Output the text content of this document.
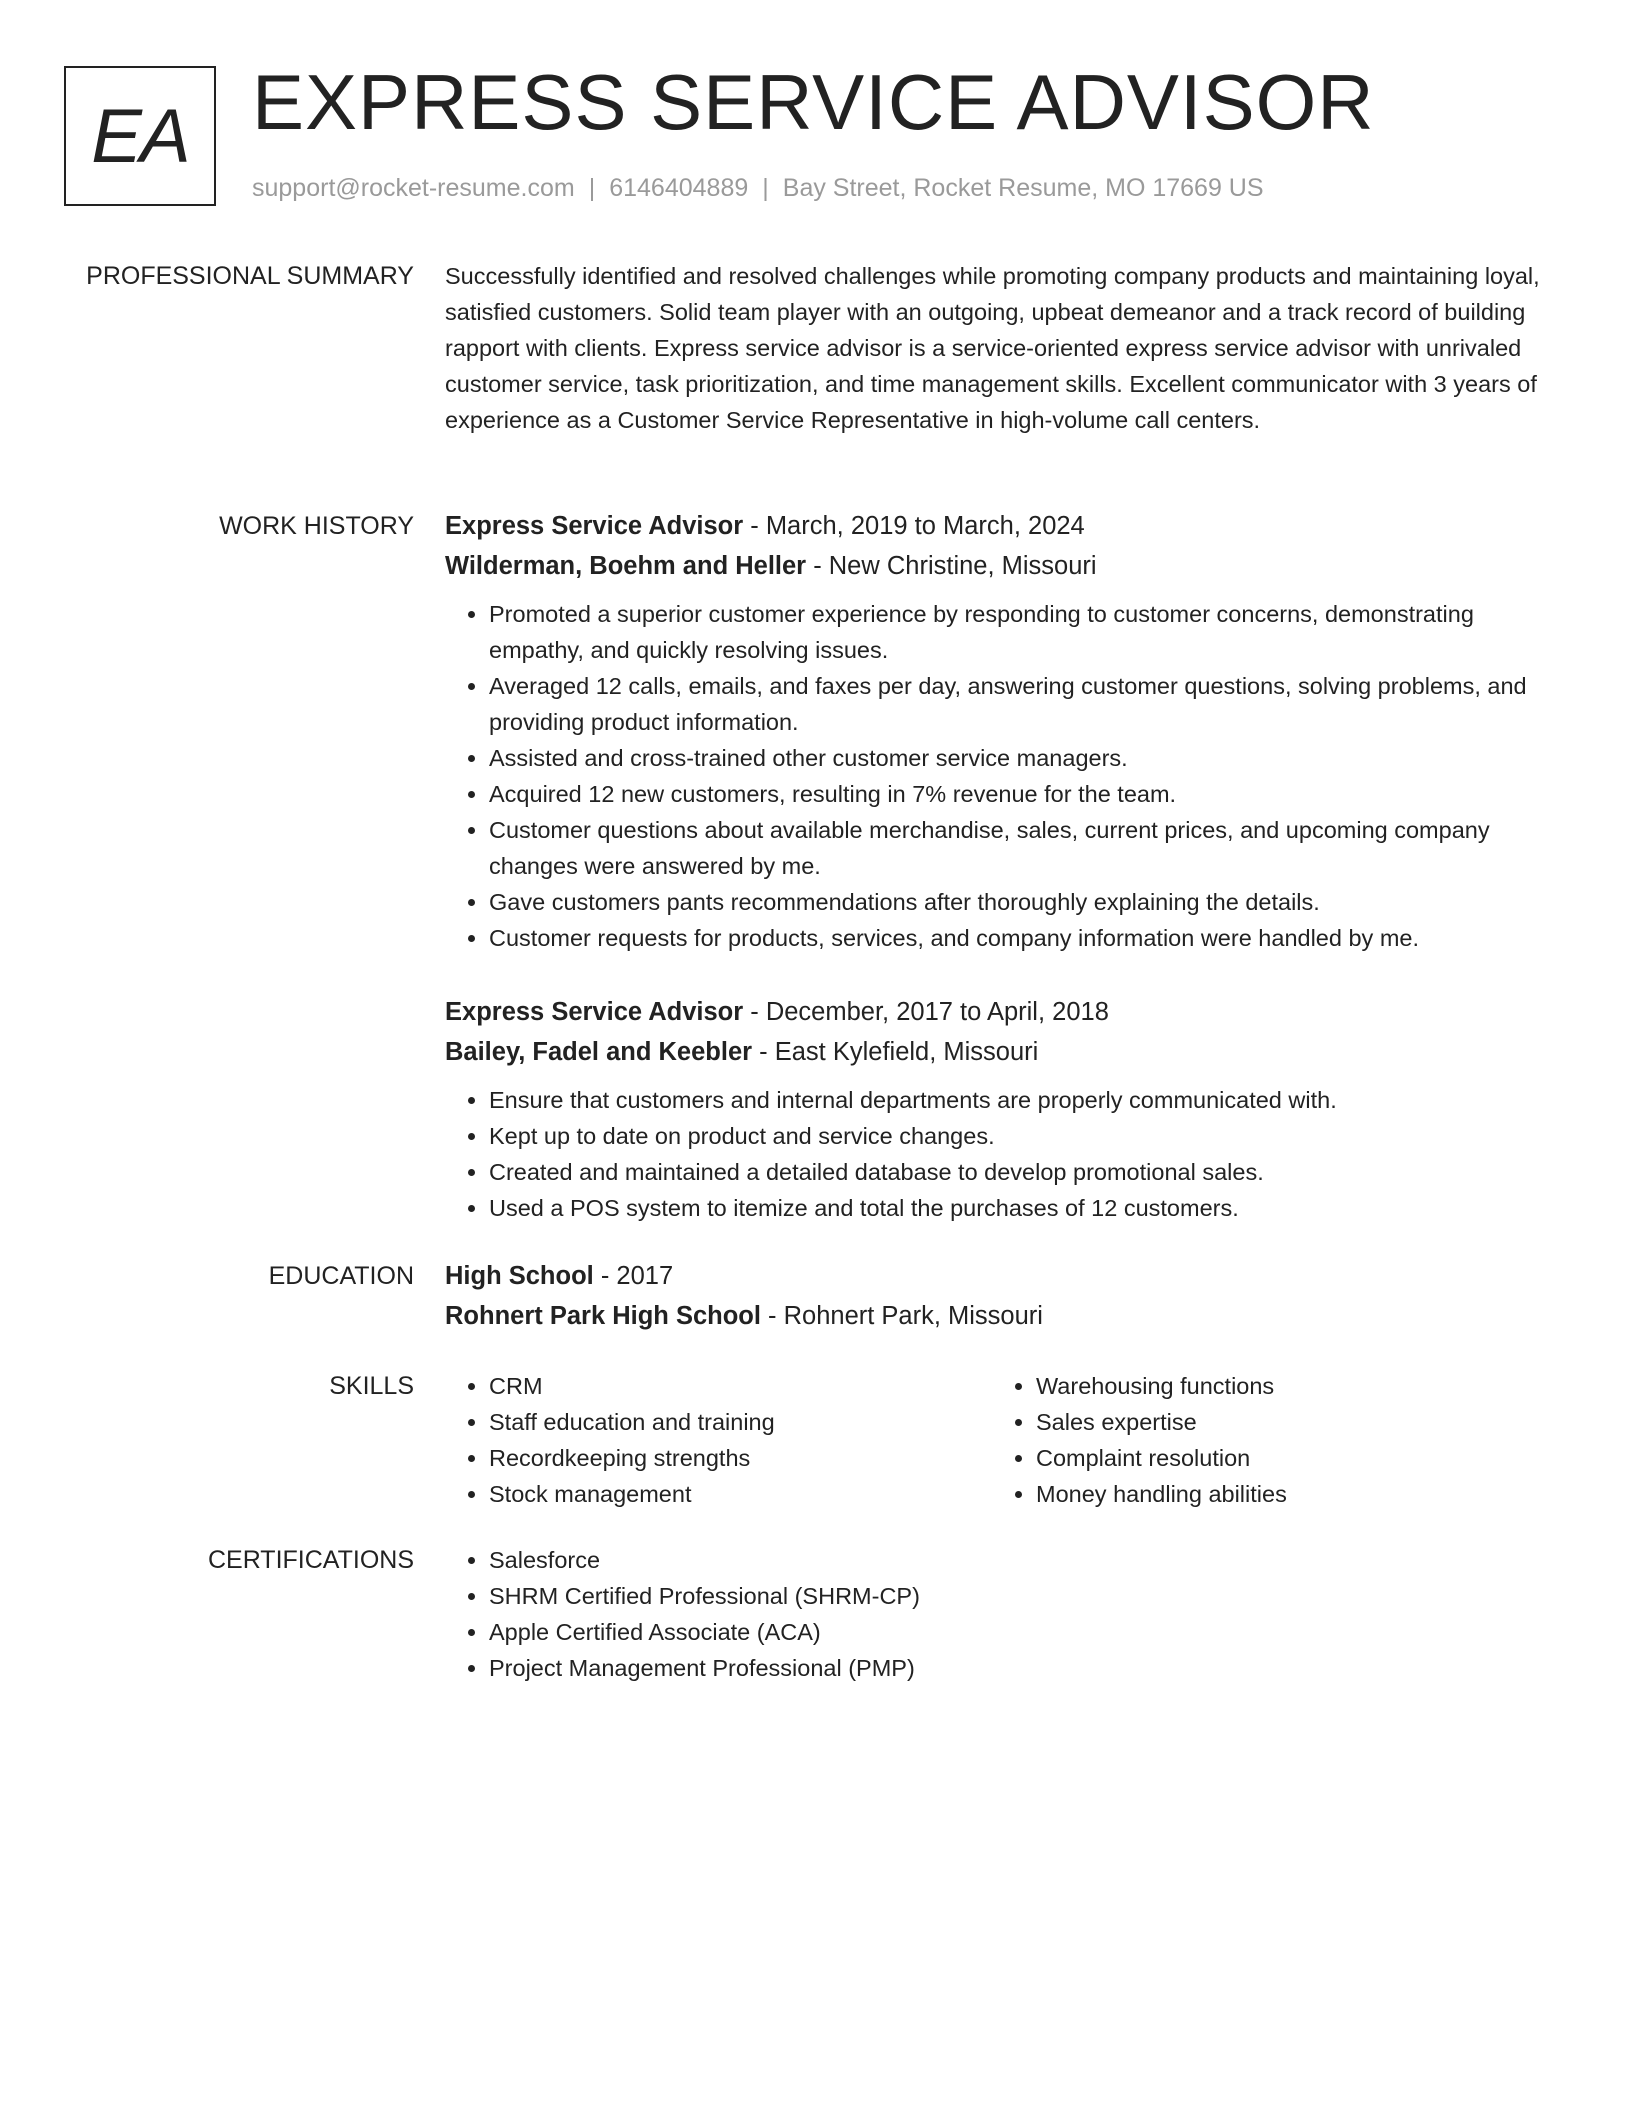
EA EXPRESS SERVICE ADVISOR
support@rocket-resume.com | 6146404889 | Bay Street, Rocket Resume, MO 17669 US
PROFESSIONAL SUMMARY Successfully identified and resolved challenges while promoting company products and maintaining loyal, satisfied customers. Solid team player with an outgoing, upbeat demeanor and a track record of building rapport with clients. Express service advisor is a service-oriented express service advisor with unrivaled customer service, task prioritization, and time management skills. Excellent communicator with 3 years of experience as a Customer Service Representative in high-volume call centers.

WORK HISTORY Express Service Advisor - March, 2019 to March, 2024

Wilderman, Boehm and Heller - New Christine, Missouri

• Promoted a superior customer experience by responding to customer concerns, demonstrating empathy, and quickly resolving issues.
• Averaged 12 calls, emails, and faxes per day, answering customer questions, solving problems, and providing product information.
• Assisted and cross-trained other customer service managers.
• Acquired 12 new customers, resulting in 7% revenue for the team.
• Customer questions about available merchandise, sales, current prices, and upcoming company changes were answered by me.
• Gave customers pants recommendations after thoroughly explaining the details.
• Customer requests for products, services, and company information were handled by me.

Express Service Advisor - December, 2017 to April, 2018

Bailey, Fadel and Keebler - East Kylefield, Missouri

• Ensure that customers and internal departments are properly communicated with.
• Kept up to date on product and service changes.
• Created and maintained a detailed database to develop promotional sales.
• Used a POS system to itemize and total the purchases of 12 customers.
EDUCATION High School - 2017

Rohnert Park High School - Rohnert Park, Missouri

SKILLS	• CRM
• Staff education and training
• Recordkeeping strengths
• Stock management
• Warehousing functions
• Sales expertise
• Complaint resolution
• Money handling abilities
CERTIFICATIONS	• Salesforce
• SHRM Certified Professional (SHRM-CP)
• Apple Certified Associate (ACA)
• Project Management Professional (PMP)
